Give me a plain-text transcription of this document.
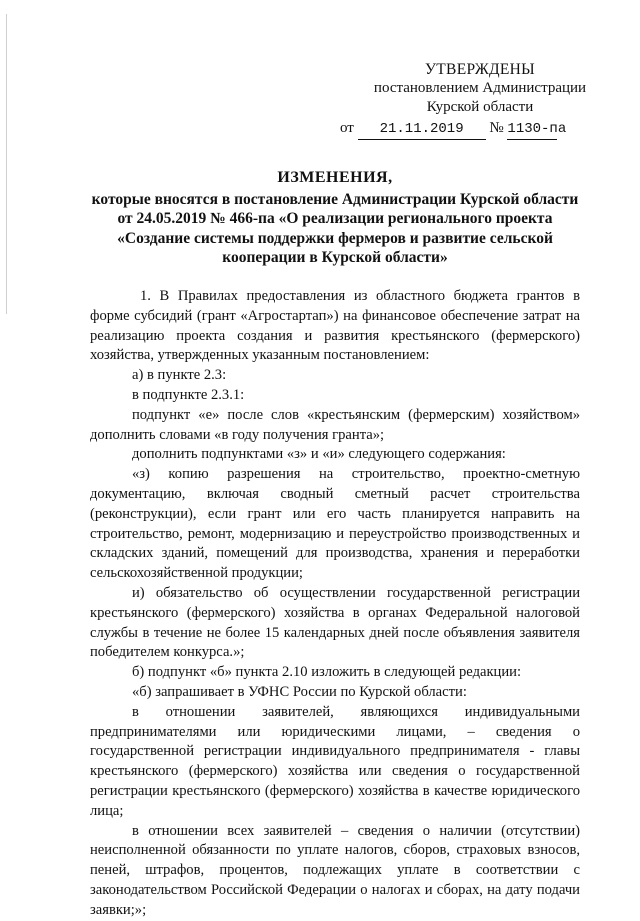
УТВЕРЖДЕНЫ
постановлением Администрации
Курской области
от 21.11.2019 № 1130-па
ИЗМЕНЕНИЯ,
которые вносятся в постановление Администрации Курской области
от 24.05.2019 № 466-па «О реализации регионального проекта
«Создание системы поддержки фермеров и развитие сельской
кооперации в Курской области»

1. В Правилах предоставления из областного бюджета грантов в форме субсидий (грант «Агростартап») на финансовое обеспечение затрат на реализацию проекта создания и развития крестьянского (фермерского) хозяйства, утвержденных указанным постановлением:

а) в пункте 2.3:

в подпункте 2.3.1:

подпункт «е» после слов «крестьянским (фермерским) хозяйством» дополнить словами «в году получения гранта»;

дополнить подпунктами «з» и «и» следующего содержания:

«з) копию разрешения на строительство, проектно-сметную документацию, включая сводный сметный расчет строительства (реконструкции), если грант или его часть планируется направить на строительство, ремонт, модернизацию и переустройство производственных и складских зданий, помещений для производства, хранения и переработки сельскохозяйственной продукции;

и) обязательство об осуществлении государственной регистрации крестьянского (фермерского) хозяйства в органах Федеральной налоговой службы в течение не более 15 календарных дней после объявления заявителя победителем конкурса.»;

б) подпункт «б» пункта 2.10 изложить в следующей редакции:

«б) запрашивает в УФНС России по Курской области:

в отношении заявителей, являющихся индивидуальными предпринимателями или юридическими лицами, – сведения о государственной регистрации индивидуального предпринимателя - главы крестьянского (фермерского) хозяйства или сведения о государственной регистрации крестьянского (фермерского) хозяйства в качестве юридического лица;

в отношении всех заявителей – сведения о наличии (отсутствии) неисполненной обязанности по уплате налогов, сборов, страховых взносов, пеней, штрафов, процентов, подлежащих уплате в соответствии с законодательством Российской Федерации о налогах и сборах, на дату подачи заявки;»;
